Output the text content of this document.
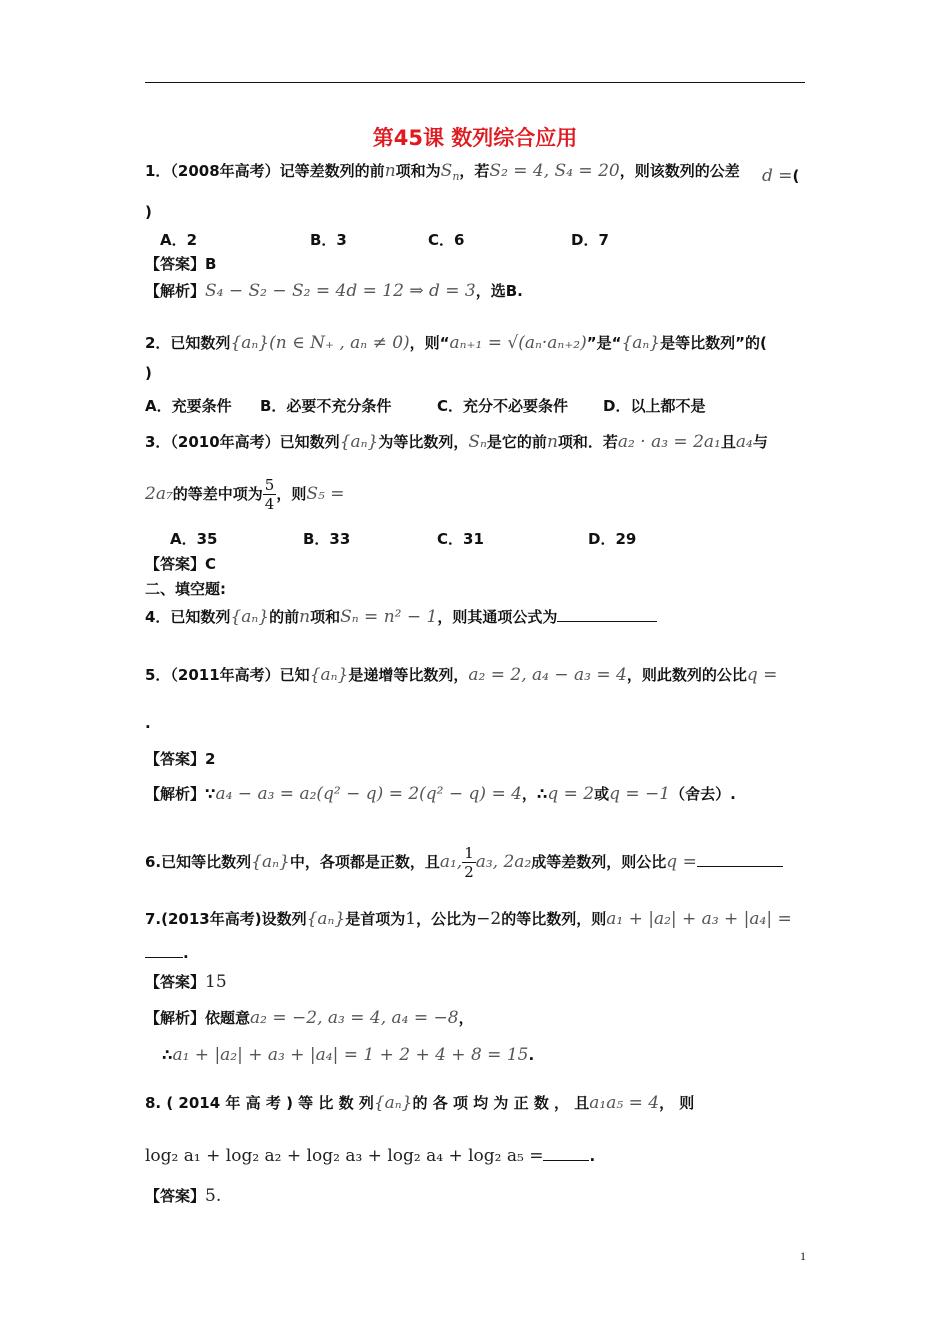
第45课 数列综合应用
1．（2008年高考）记等差数列的前n项和为$S_n$，若S₂ = 4, S₄ = 20，则该数列的公差 d =(
)
A．2	B．3	C．6	D．7
【答案】B
【解析】S₄ − S₂ − S₂ = 4d = 12 ⇒ d = 3，选B.
2．已知数列{aₙ}(n ∈ N₊ , aₙ ≠ 0)，则“aₙ₊₁ = √(aₙ·aₙ₊₂)”是“{aₙ}是等比数列”的(
)
A．充要条件 B．必要不充分条件	C．充分不必要条件 D．以上都不是
3．（2010年高考）已知数列{aₙ}为等比数列，Sₙ是它的前n项和．若a₂ · a₃ = 2a₁且a₄与
2a₇的等差中项为 $\frac{5}{4}$ ，则S₅ =
A．35	B．33	C．31	D．29
【答案】C
二、填空题:
4．已知数列{aₙ}的前n项和Sₙ = n² − 1，则其通项公式为
5．（2011年高考）已知{aₙ}是递增等比数列，a₂ = 2, a₄ − a₃ = 4，则此数列的公比q =
.
【答案】2
【解析】∵a₄ − a₃ = a₂(q² − q) = 2(q² − q) = 4，∴q = 2或q = −1（舍去）.
6.已知等比数列{aₙ}中，各项都是正数，且a₁, $\frac{1}{2} a_3$, 2a₂成等差数列，则公比q =
7.(2013年高考)设数列{aₙ}是首项为1，公比为−2的等比数列，则a₁ + |a₂| + a₃ + |a₄| =
.
【答案】15
【解析】依题意a₂ = −2, a₃ = 4, a₄ = −8，
∴a₁ + |a₂| + a₃ + |a₄| = 1 + 2 + 4 + 8 = 15.
8. ( 2014 年 高 考 ) 等 比 数 列{aₙ}的 各 项 均 为 正 数 ， 且a₁a₅ = 4， 则
log₂ a₁ + log₂ a₂ + log₂ a₃ + log₂ a₄ + log₂ a₅ =	.
【答案】5.
1
